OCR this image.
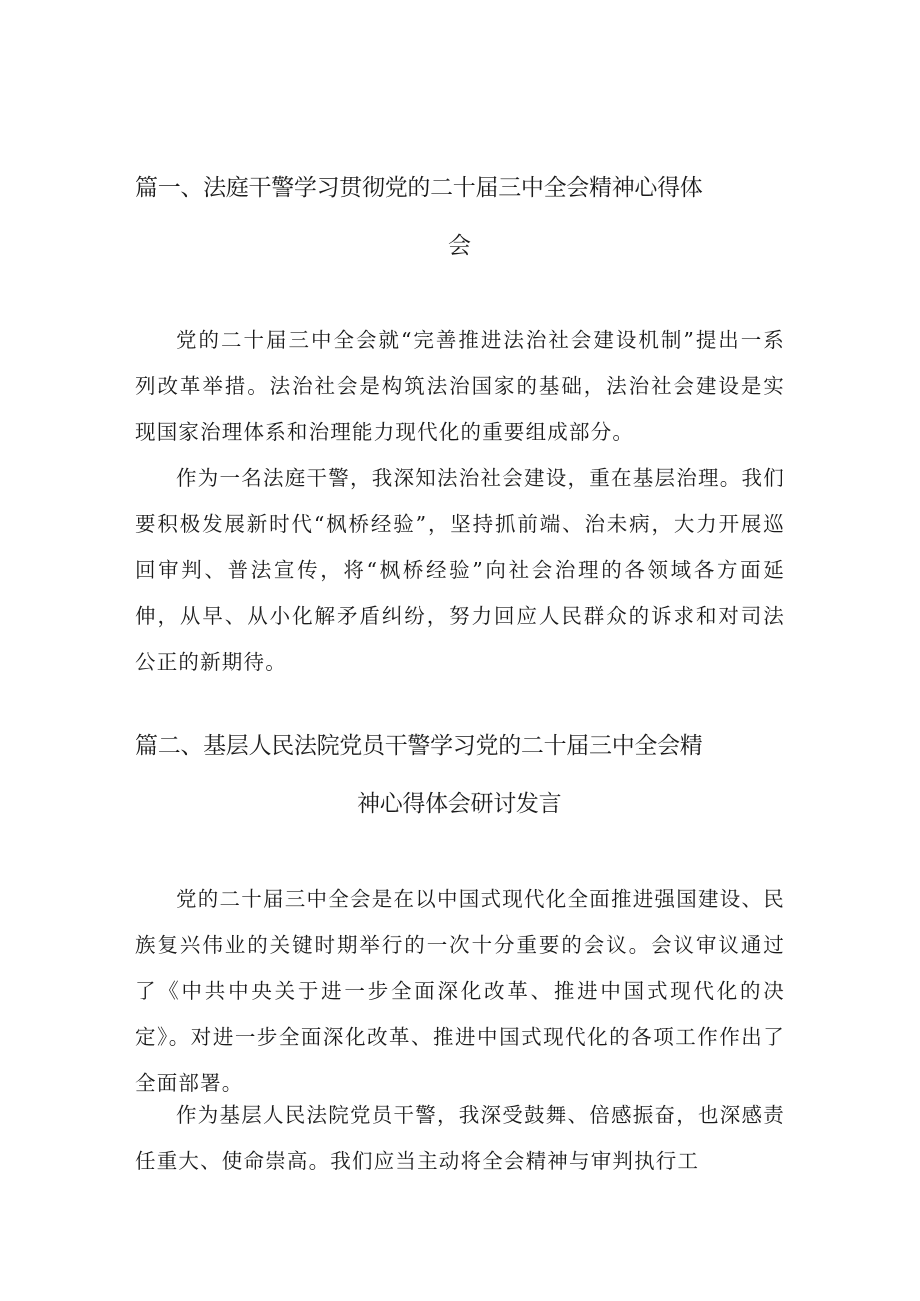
篇一、法庭干警学习贯彻党的二十届三中全会精神心得体
会

党的二十届三中全会就“完善推进法治社会建设机制”提出一系列改革举措。法治社会是构筑法治国家的基础，法治社会建设是实现国家治理体系和治理能力现代化的重要组成部分。

作为一名法庭干警，我深知法治社会建设，重在基层治理。我们要积极发展新时代“枫桥经验”，坚持抓前端、治未病，大力开展巡回审判、普法宣传，将“枫桥经验”向社会治理的各领域各方面延伸，从早、从小化解矛盾纠纷，努力回应人民群众的诉求和对司法公正的新期待。

篇二、基层人民法院党员干警学习党的二十届三中全会精
神心得体会研讨发言

党的二十届三中全会是在以中国式现代化全面推进强国建设、民族复兴伟业的关键时期举行的一次十分重要的会议。会议审议通过了《中共中央关于进一步全面深化改革、推进中国式现代化的决定》。对进一步全面深化改革、推进中国式现代化的各项工作作出了全面部署。

作为基层人民法院党员干警，我深受鼓舞、倍感振奋，也深感责任重大、使命崇高。我们应当主动将全会精神与审判执行工
